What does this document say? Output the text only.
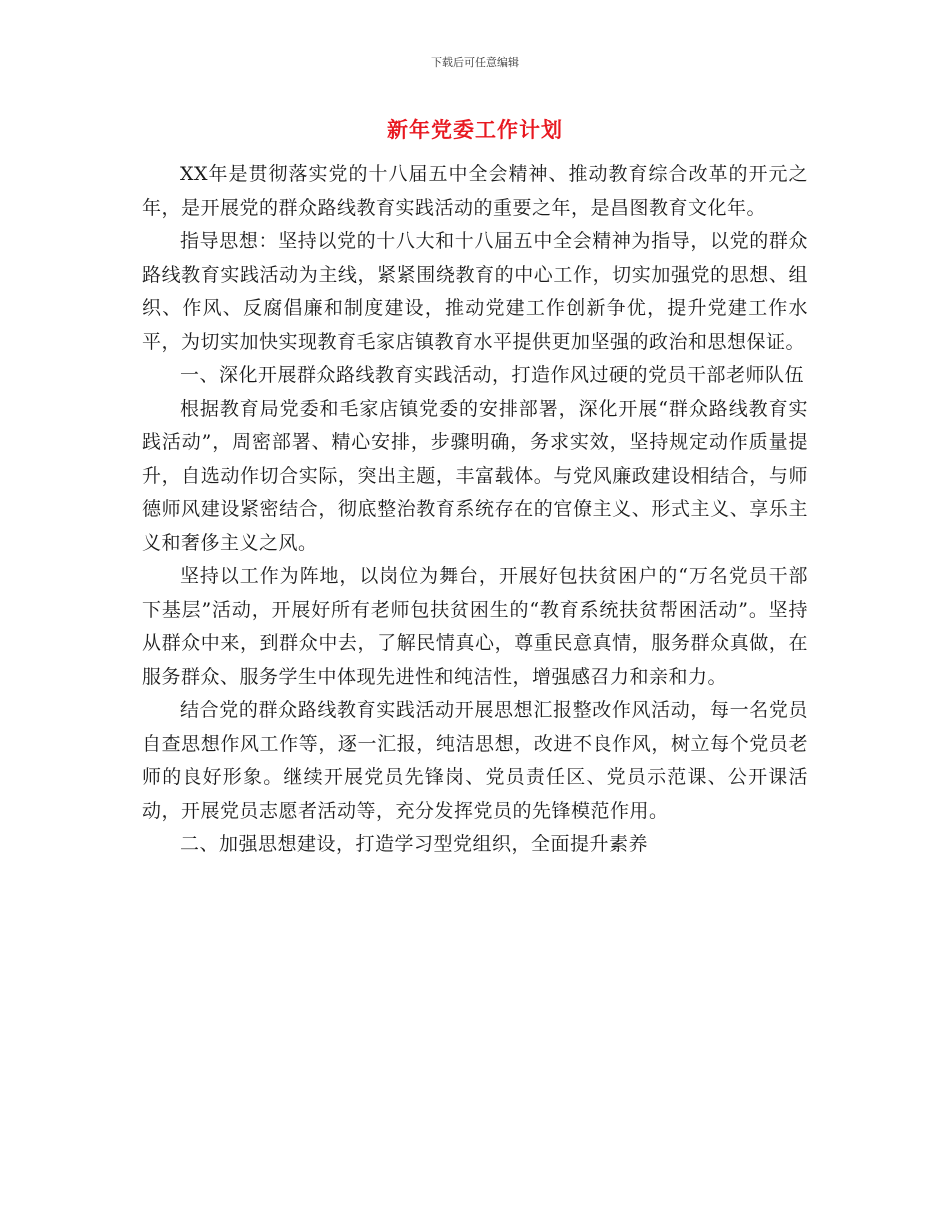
下载后可任意编辑
新年党委工作计划

XX年是贯彻落实党的十八届五中全会精神、推动教育综合改革的开元之年，是开展党的群众路线教育实践活动的重要之年，是昌图教育文化年。

指导思想：坚持以党的十八大和十八届五中全会精神为指导，以党的群众路线教育实践活动为主线，紧紧围绕教育的中心工作，切实加强党的思想、组织、作风、反腐倡廉和制度建设，推动党建工作创新争优，提升党建工作水平，为切实加快实现教育毛家店镇教育水平提供更加坚强的政治和思想保证。

一、深化开展群众路线教育实践活动，打造作风过硬的党员干部老师队伍

根据教育局党委和毛家店镇党委的安排部署，深化开展“群众路线教育实践活动”，周密部署、精心安排，步骤明确，务求实效，坚持规定动作质量提升，自选动作切合实际，突出主题，丰富载体。与党风廉政建设相结合，与师德师风建设紧密结合，彻底整治教育系统存在的官僚主义、形式主义、享乐主义和奢侈主义之风。

坚持以工作为阵地，以岗位为舞台，开展好包扶贫困户的“万名党员干部下基层”活动，开展好所有老师包扶贫困生的“教育系统扶贫帮困活动”。坚持从群众中来，到群众中去，了解民情真心，尊重民意真情，服务群众真做，在服务群众、服务学生中体现先进性和纯洁性，增强感召力和亲和力。

结合党的群众路线教育实践活动开展思想汇报整改作风活动，每一名党员自查思想作风工作等，逐一汇报，纯洁思想，改进不良作风，树立每个党员老师的良好形象。继续开展党员先锋岗、党员责任区、党员示范课、公开课活动，开展党员志愿者活动等，充分发挥党员的先锋模范作用。

二、加强思想建设，打造学习型党组织，全面提升素养
